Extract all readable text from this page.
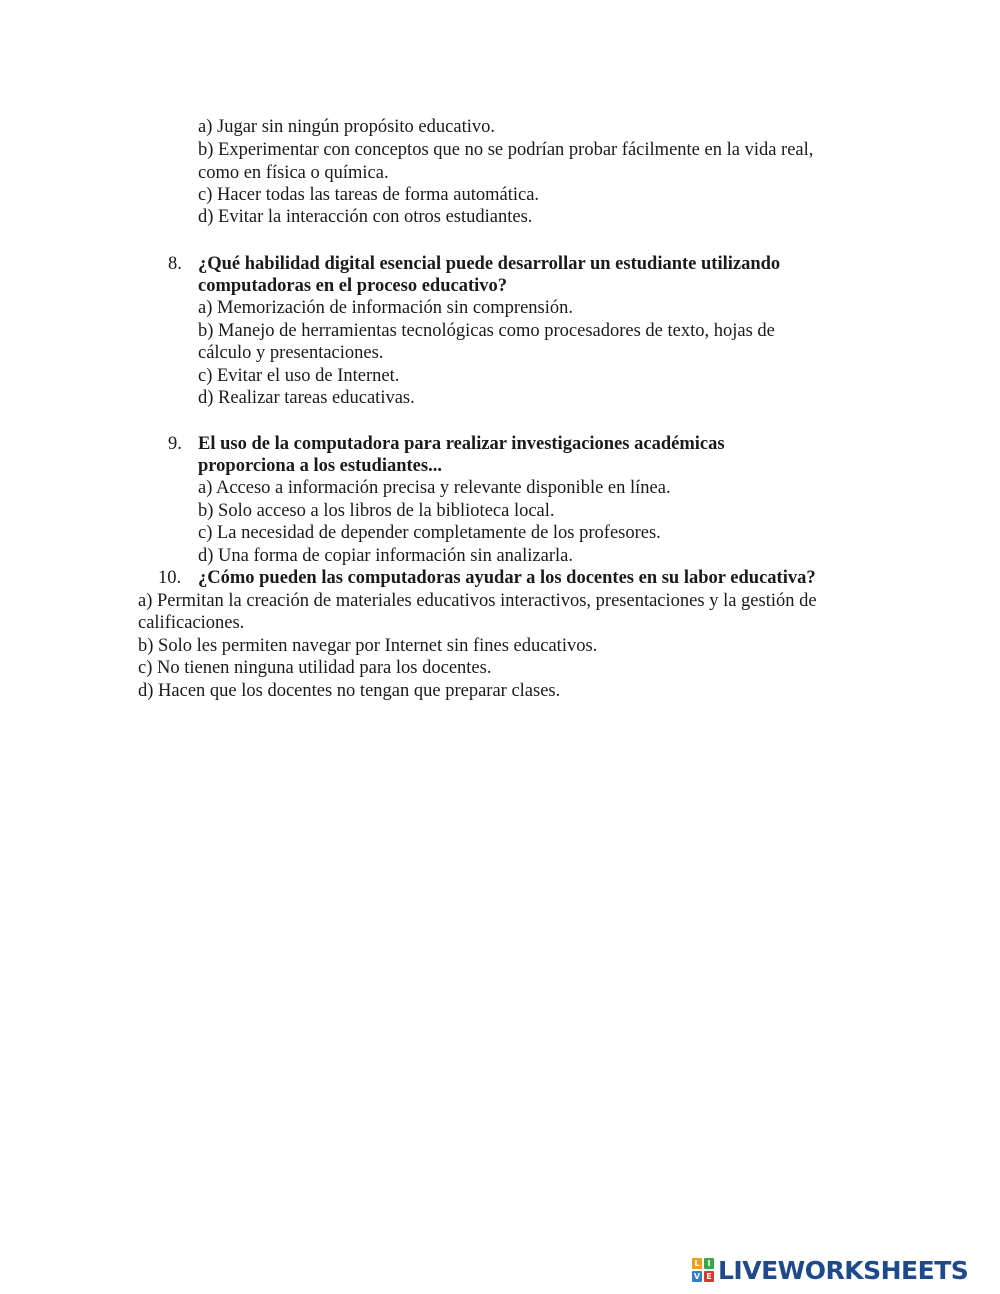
a) Jugar sin ningún propósito educativo.
b) Experimentar con conceptos que no se podrían probar fácilmente en la vida real,
como en física o química.
c) Hacer todas las tareas de forma automática.
d) Evitar la interacción con otros estudiantes.
8. ¿Qué habilidad digital esencial puede desarrollar un estudiante utilizando
computadoras en el proceso educativo?
a) Memorización de información sin comprensión.
b) Manejo de herramientas tecnológicas como procesadores de texto, hojas de
cálculo y presentaciones.
c) Evitar el uso de Internet.
d) Realizar tareas educativas.
9. El uso de la computadora para realizar investigaciones académicas
proporciona a los estudiantes...
a) Acceso a información precisa y relevante disponible en línea.
b) Solo acceso a los libros de la biblioteca local.
c) La necesidad de depender completamente de los profesores.
d) Una forma de copiar información sin analizarla.
10. ¿Cómo pueden las computadoras ayudar a los docentes en su labor educativa?
a) Permitan la creación de materiales educativos interactivos, presentaciones y la gestión de
calificaciones.
b) Solo les permiten navegar por Internet sin fines educativos.
c) No tienen ninguna utilidad para los docentes.
d) Hacen que los docentes no tengan que preparar clases.
L I
V E LIVEWORKSHEETS
